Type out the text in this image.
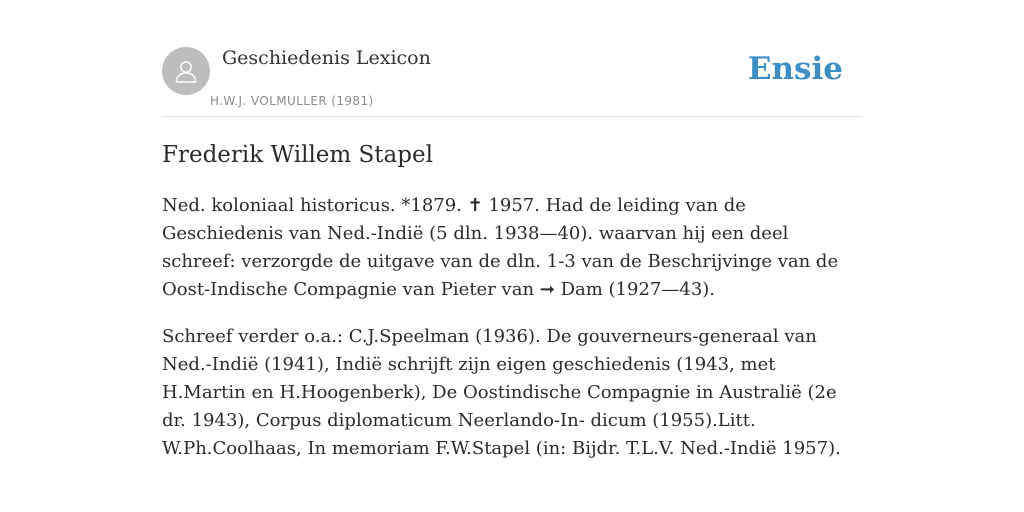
Geschiedenis Lexicon
H.W.J. VOLMULLER (1981)
Ensie
Frederik Willem Stapel

Ned. koloniaal historicus. *1879. ✝ 1957. Had de leiding van de Geschiedenis van Ned.-Indië (5 dln. 1938—40). waarvan hij een deel schreef: verzorgde de uitgave van de dln. 1-3 van de Beschrijvinge van de Oost-Indische Compagnie van Pieter van ➞ Dam (1927—43).

Schreef verder o.a.: C.J.Speelman (1936). De gouverneurs-generaal van Ned.-Indië (1941), Indië schrijft zijn eigen geschiedenis (1943, met H.Martin en H.Hoogenberk), De Oostindische Compagnie in Australië (2e dr. 1943), Corpus diplomaticum Neerlando-In- dicum (1955).Litt. W.Ph.Coolhaas, In memoriam F.W.Stapel (in: Bijdr. T.L.V. Ned.-Indië 1957).
